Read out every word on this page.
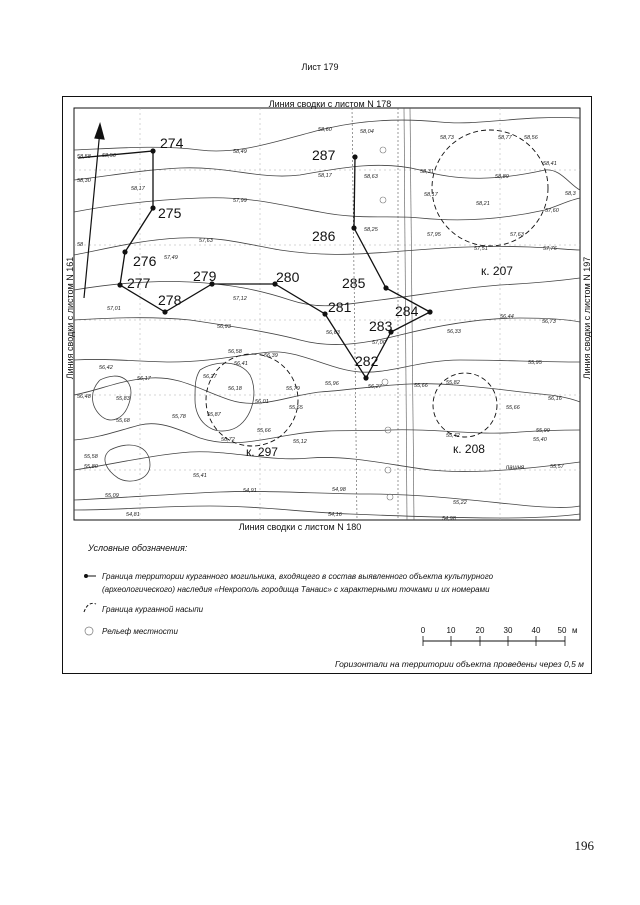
Лист 179
Линия сводки с листом N 178
Линия сводки с листом N 180
Линия сводки с листом N 161	Линия сводки с листом N 197
274
275
276
277
278
279	280
281
282
283
284
285
286
287
к. 207
к. 208
к. 297
58,58 58,56
58,30
58,17
58,60
58,49
57,99
58,63
58,04
58,17
58,31
58,73	58,77 58,56
58,89
58,21
58,41
58,3
58,25
58,17
57,95	57,63
57,60
57,63
57,49
57,12
57,01
56,93
57,51	57,76
56,44
56,73
56,33
57,00
56,63
56,58
56,39
56,41
56,42
56,17	56,27
56,18	55,79
55,96	56,27	55,66	55,82
55,95
56,16
56,48	55,83
55,78	55,87
55,68
56,01
55,65
55,66
55,66
55,99
55,40
55,42
56,72	55,12
55,58
55,80
55,41
54,91
55,09
54,98
55,22
54,81	54,16
54,98
55,57
58
пашня
Условные обозначения:
Граница территории курганного могильника, входящего в состав выявленного объекта культурного
(археологического) наследия «Некрополь городища Танаис» с характерными точками и их номерами
Граница курганной насыпи
Рельеф местности	0	10	20 30 40 50 м
Горизонтали на территории объекта проведены через 0,5 м
196
